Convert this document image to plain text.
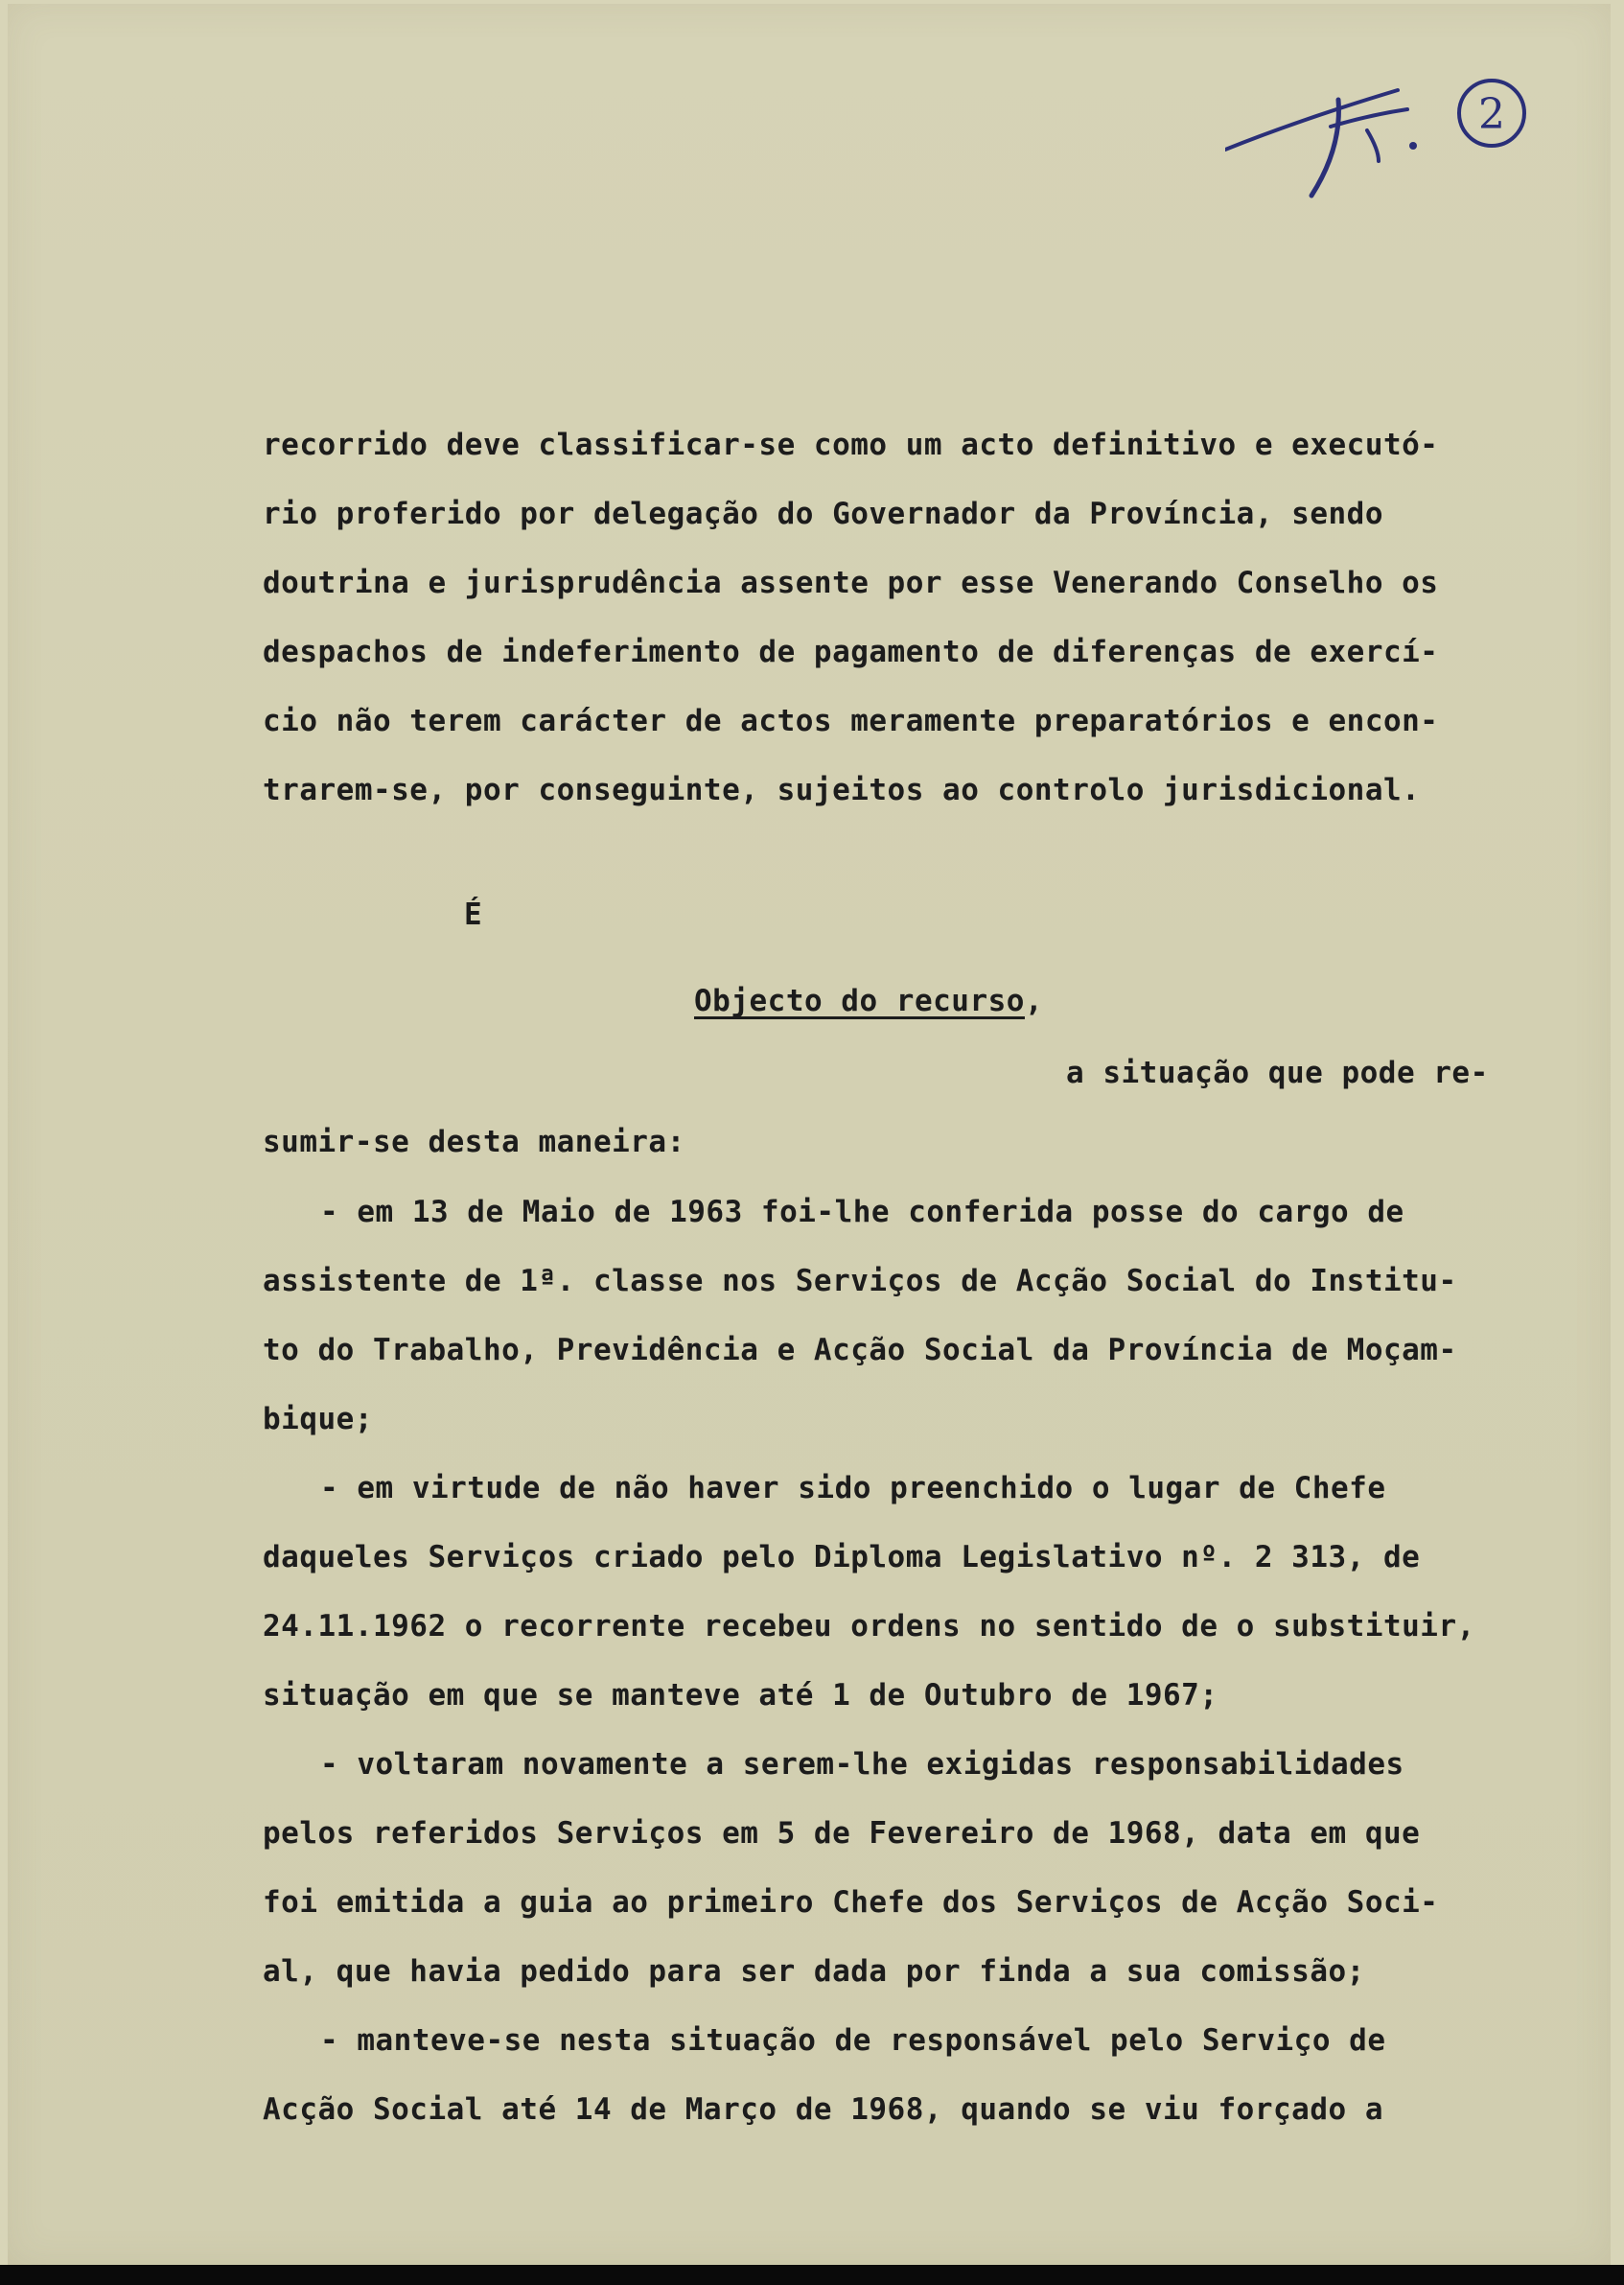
2
recorrido deve classificar-se como um acto definitivo e executó-
rio proferido por delegação do Governador da Província, sendo
doutrina e jurisprudência assente por esse Venerando Conselho os
despachos de indeferimento de pagamento de diferenças de exercí-
cio não terem carácter de actos meramente preparatórios e encon-
trarem-se, por conseguinte, sujeitos ao controlo jurisdicional.
É
a situação que pode re-
sumir-se desta maneira:
- em 13 de Maio de 1963 foi-lhe conferida posse do cargo de
assistente de 1ª. classe nos Serviços de Acção Social do Institu-
to do Trabalho, Previdência e Acção Social da Província de Moçam-
bique;
- em virtude de não haver sido preenchido o lugar de Chefe
daqueles Serviços criado pelo Diploma Legislativo nº. 2 313, de
24.11.1962 o recorrente recebeu ordens no sentido de o substituir,
situação em que se manteve até 1 de Outubro de 1967;
- voltaram novamente a serem-lhe exigidas responsabilidades
pelos referidos Serviços em 5 de Fevereiro de 1968, data em que
foi emitida a guia ao primeiro Chefe dos Serviços de Acção Soci-
al, que havia pedido para ser dada por finda a sua comissão;
- manteve-se nesta situação de responsável pelo Serviço de
Acção Social até 14 de Março de 1968, quando se viu forçado a
Objecto do recurso,
